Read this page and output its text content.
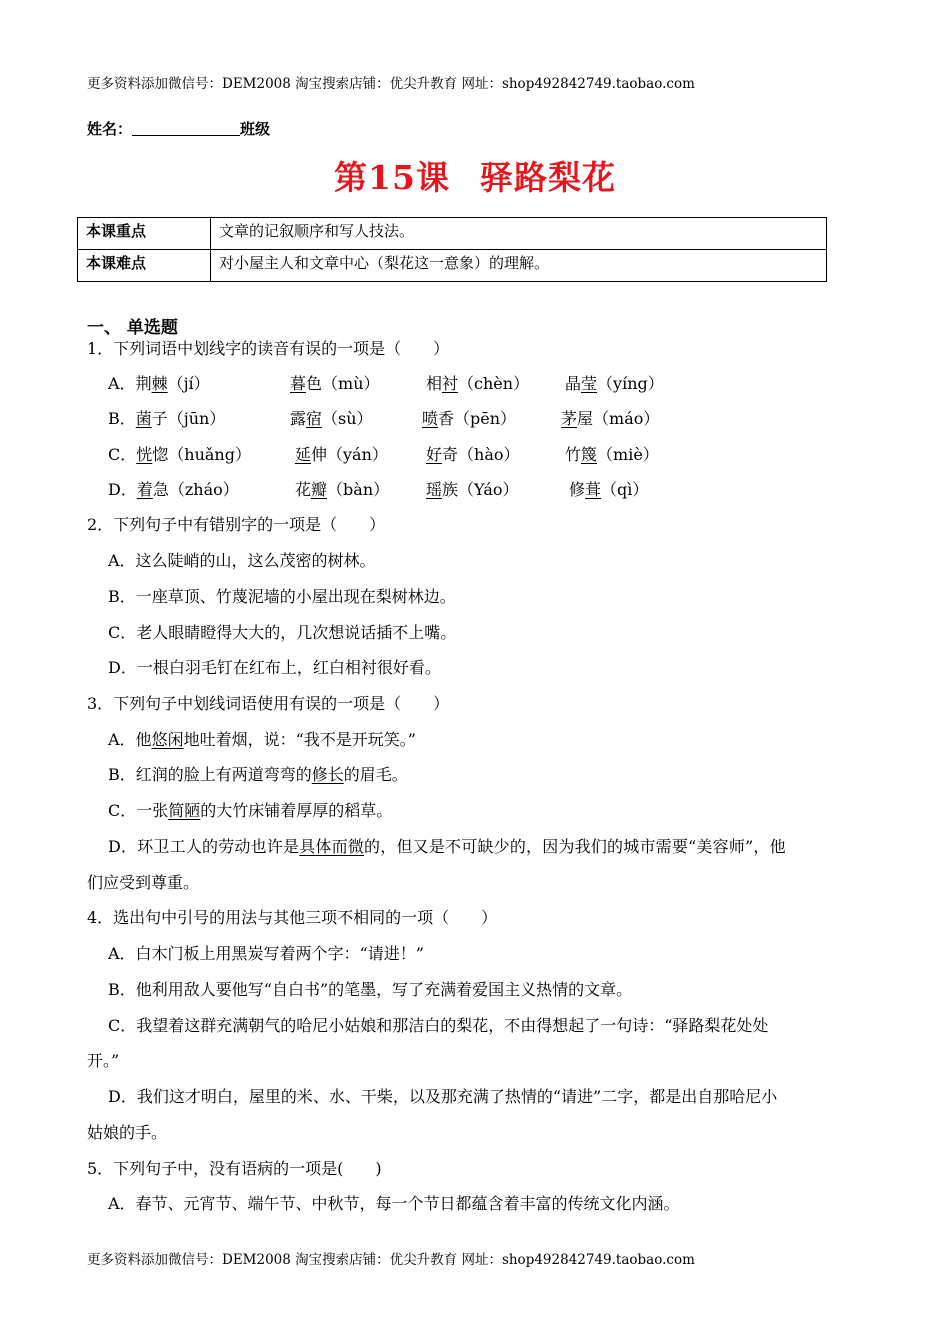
更多资料添加微信号：DEM2008 淘宝搜索店铺：优尖升教育 网址：shop492842749.taobao.com
姓名：	班级
第15课 驿路梨花
本课重点	文章的记叙顺序和写人技法。
本课难点	对小屋主人和文章中心（梨花这一意象）的理解。
一、 单选题
1．下列词语中划线字的读音有误的一项是（　　）
A．荆棘（jí）	暮色（mù）	相衬（chèn） 晶莹（yíng）
B．菌子（jūn）	露宿（sù）	喷香（pēn）	茅屋（máo）
C．恍惚（huǎng）	延伸（yán） 好奇（hào）	竹篾（miè）
D．着急（zháo）	花瓣（bàn） 瑶族（Yáo）	修葺（qì）
2．下列句子中有错别字的一项是（　　）
A．这么陡峭的山，这么茂密的树林。
B．一座草顶、竹蔑泥墙的小屋出现在梨树林边。
C．老人眼睛瞪得大大的，几次想说话插不上嘴。
D．一根白羽毛钉在红布上，红白相衬很好看。
3．下列句子中划线词语使用有误的一项是（　　）
A．他悠闲地吐着烟，说：“我不是开玩笑。”
B．红润的脸上有两道弯弯的修长的眉毛。
C．一张简陋的大竹床铺着厚厚的稻草。
D．环卫工人的劳动也许是具体而微的，但又是不可缺少的，因为我们的城市需要“美容师”，他
们应受到尊重。
4．选出句中引号的用法与其他三项不相同的一项（　　）
A．白木门板上用黑炭写着两个字：“请进！”
B．他利用敌人要他写“自白书”的笔墨，写了充满着爱国主义热情的文章。
C．我望着这群充满朝气的哈尼小姑娘和那洁白的梨花，不由得想起了一句诗：“驿路梨花处处
开。”
D．我们这才明白，屋里的米、水、干柴，以及那充满了热情的“请进”二字，都是出自那哈尼小
姑娘的手。
5．下列句子中，没有语病的一项是(　　)
A．春节、元宵节、端午节、中秋节，每一个节日都蕴含着丰富的传统文化内涵。
更多资料添加微信号：DEM2008 淘宝搜索店铺：优尖升教育 网址：shop492842749.taobao.com
